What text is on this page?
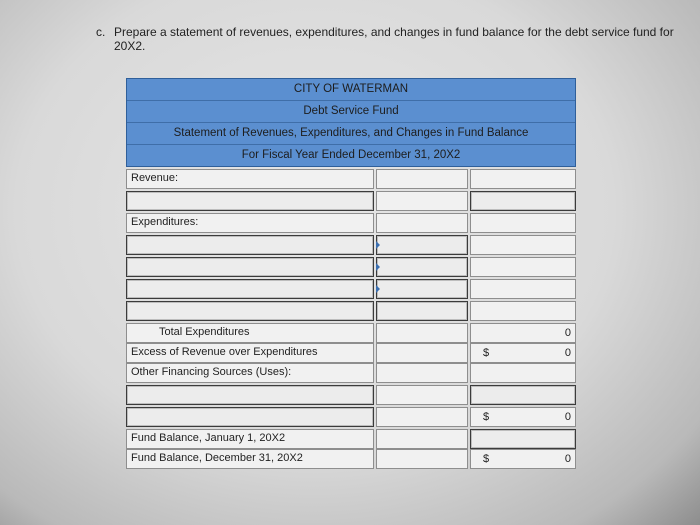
c. Prepare a statement of revenues, expenditures, and changes in fund balance for the debt service fund for 20X2.
CITY OF WATERMAN
Debt Service Fund
Statement of Revenues, Expenditures, and Changes in Fund Balance
For Fiscal Year Ended December 31, 20X2
Revenue:
Expenditures:
Total Expenditures	0
Excess of Revenue over Expenditures	$	0
Other Financing Sources (Uses):
$	0
Fund Balance, January 1, 20X2
Fund Balance, December 31, 20X2	$	0
